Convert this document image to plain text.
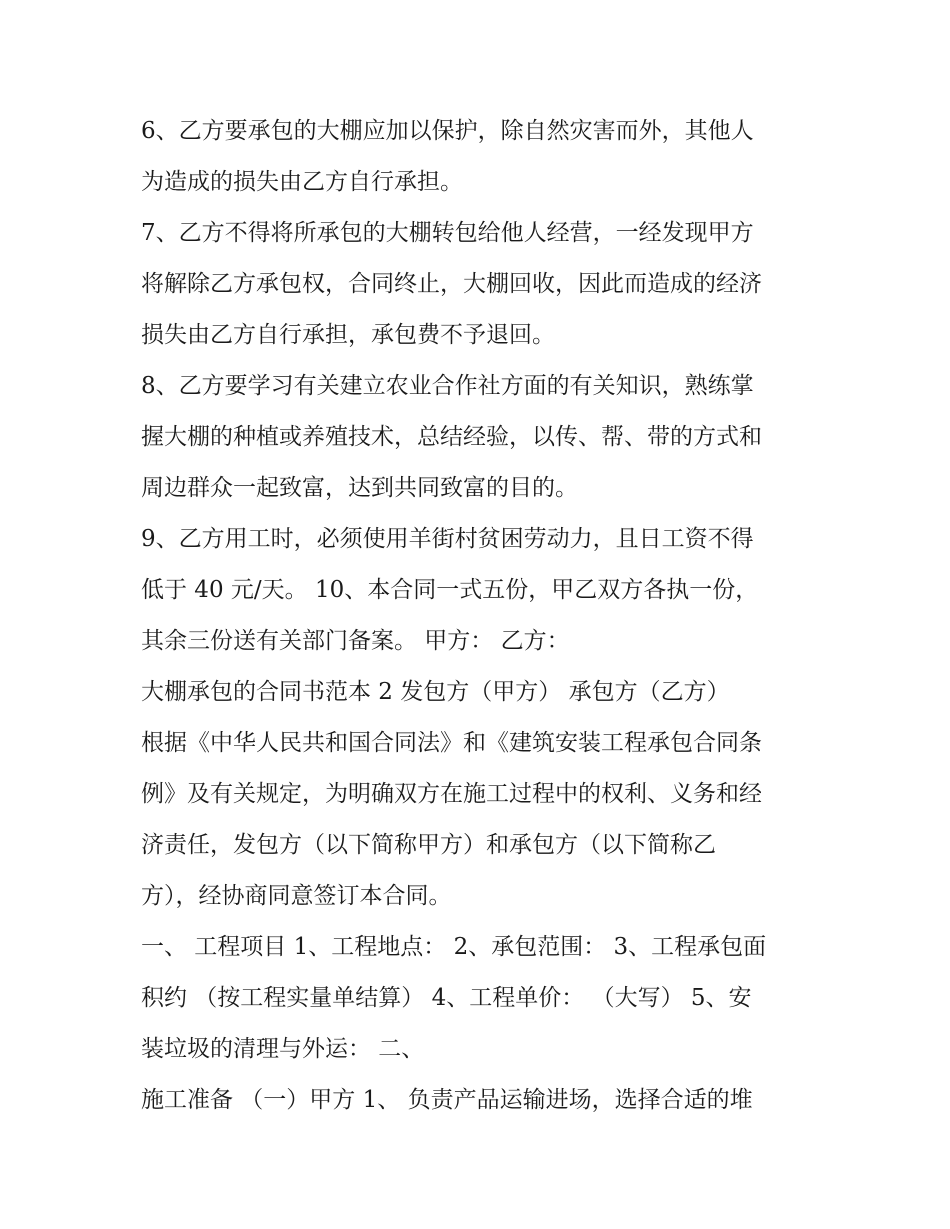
6、乙方要承包的大棚应加以保护，除自然灾害而外，其他人
为造成的损失由乙方自行承担。
7、乙方不得将所承包的大棚转包给他人经营，一经发现甲方
将解除乙方承包权，合同终止，大棚回收，因此而造成的经济
损失由乙方自行承担，承包费不予退回。
8、乙方要学习有关建立农业合作社方面的有关知识，熟练掌
握大棚的种植或养殖技术，总结经验，以传、帮、带的方式和
周边群众一起致富，达到共同致富的目的。
9、乙方用工时，必须使用羊街村贫困劳动力，且日工资不得
低于 40 元/天。 10、本合同一式五份，甲乙双方各执一份，
其余三份送有关部门备案。 甲方： 乙方：
大棚承包的合同书范本 2 发包方（甲方） 承包方（乙方）
根据《中华人民共和国合同法》和《建筑安装工程承包合同条
例》及有关规定，为明确双方在施工过程中的权利、义务和经
济责任，发包方（以下简称甲方）和承包方（以下简称乙
方），经协商同意签订本合同。
一、 工程项目 1、工程地点： 2、承包范围： 3、工程承包面
积约 （按工程实量单结算） 4、工程单价： （大写） 5、安
装垃圾的清理与外运： 二、
施工准备 （一）甲方 1、 负责产品运输进场，选择合适的堆
